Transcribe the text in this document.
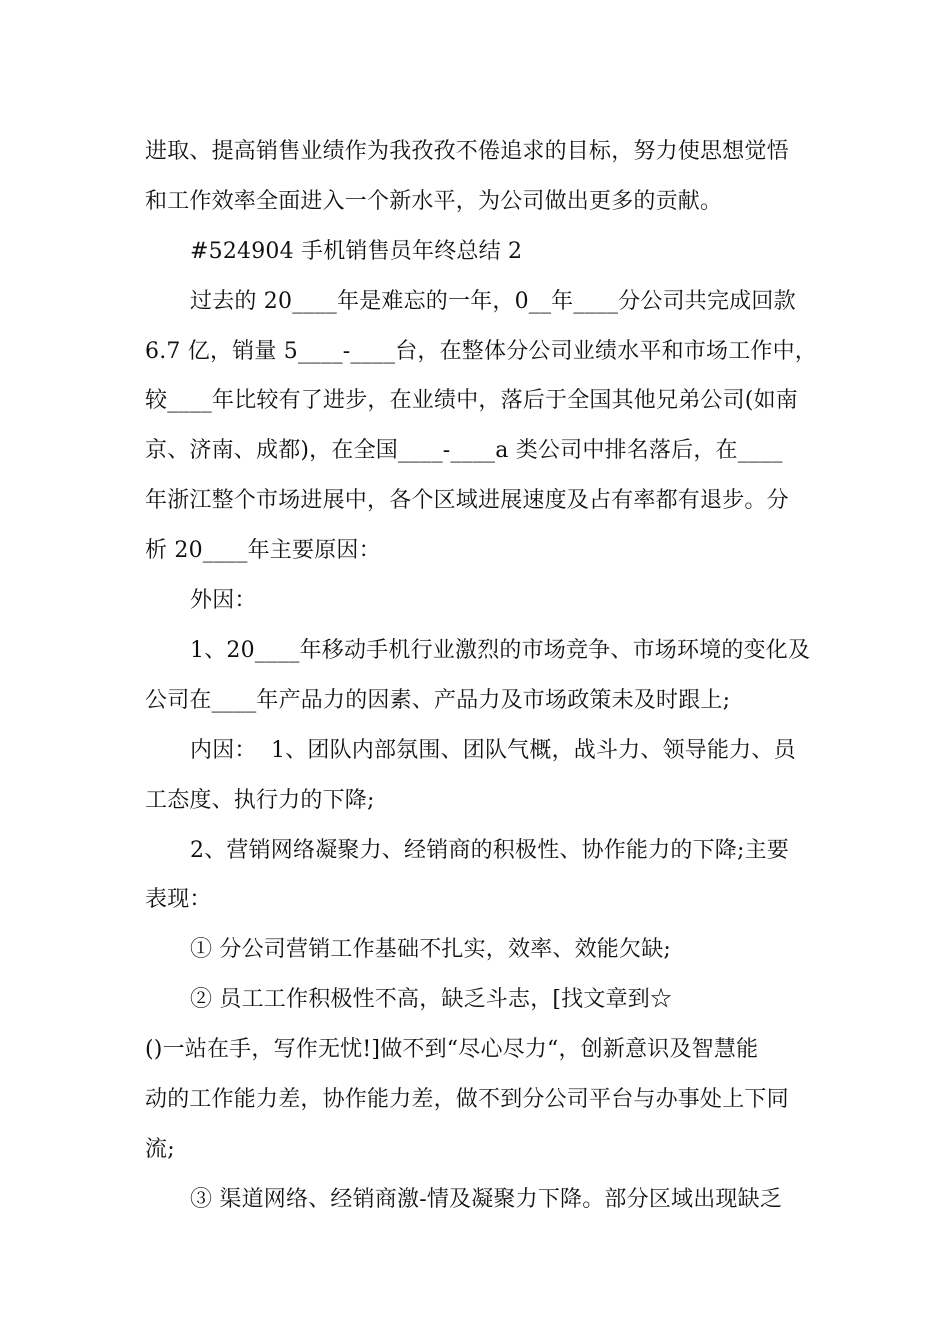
进取、提高销售业绩作为我孜孜不倦追求的目标，努力使思想觉悟
和工作效率全面进入一个新水平，为公司做出更多的贡献。
#524904 手机销售员年终总结 2
过去的 20____年是难忘的一年，0__年____分公司共完成回款
6.7 亿，销量 5____-____台，在整体分公司业绩水平和市场工作中，
较____年比较有了进步，在业绩中，落后于全国其他兄弟公司(如南
京、济南、成都)，在全国____-____a 类公司中排名落后，在____
年浙江整个市场进展中，各个区域进展速度及占有率都有退步。分
析 20____年主要原因：
外因：
1、20____年移动手机行业激烈的市场竞争、市场环境的变化及
公司在____年产品力的因素、产品力及市场政策未及时跟上;
内因：  1、团队内部氛围、团队气概，战斗力、领导能力、员
工态度、执行力的下降;
2、营销网络凝聚力、经销商的积极性、协作能力的下降;主要
表现：
① 分公司营销工作基础不扎实，效率、效能欠缺;
② 员工工作积极性不高，缺乏斗志，[找文章到☆
()一站在手，写作无忧!]做不到“尽心尽力“，创新意识及智慧能
动的工作能力差，协作能力差，做不到分公司平台与办事处上下同
流;
③ 渠道网络、经销商激-情及凝聚力下降。部分区域出现缺乏
